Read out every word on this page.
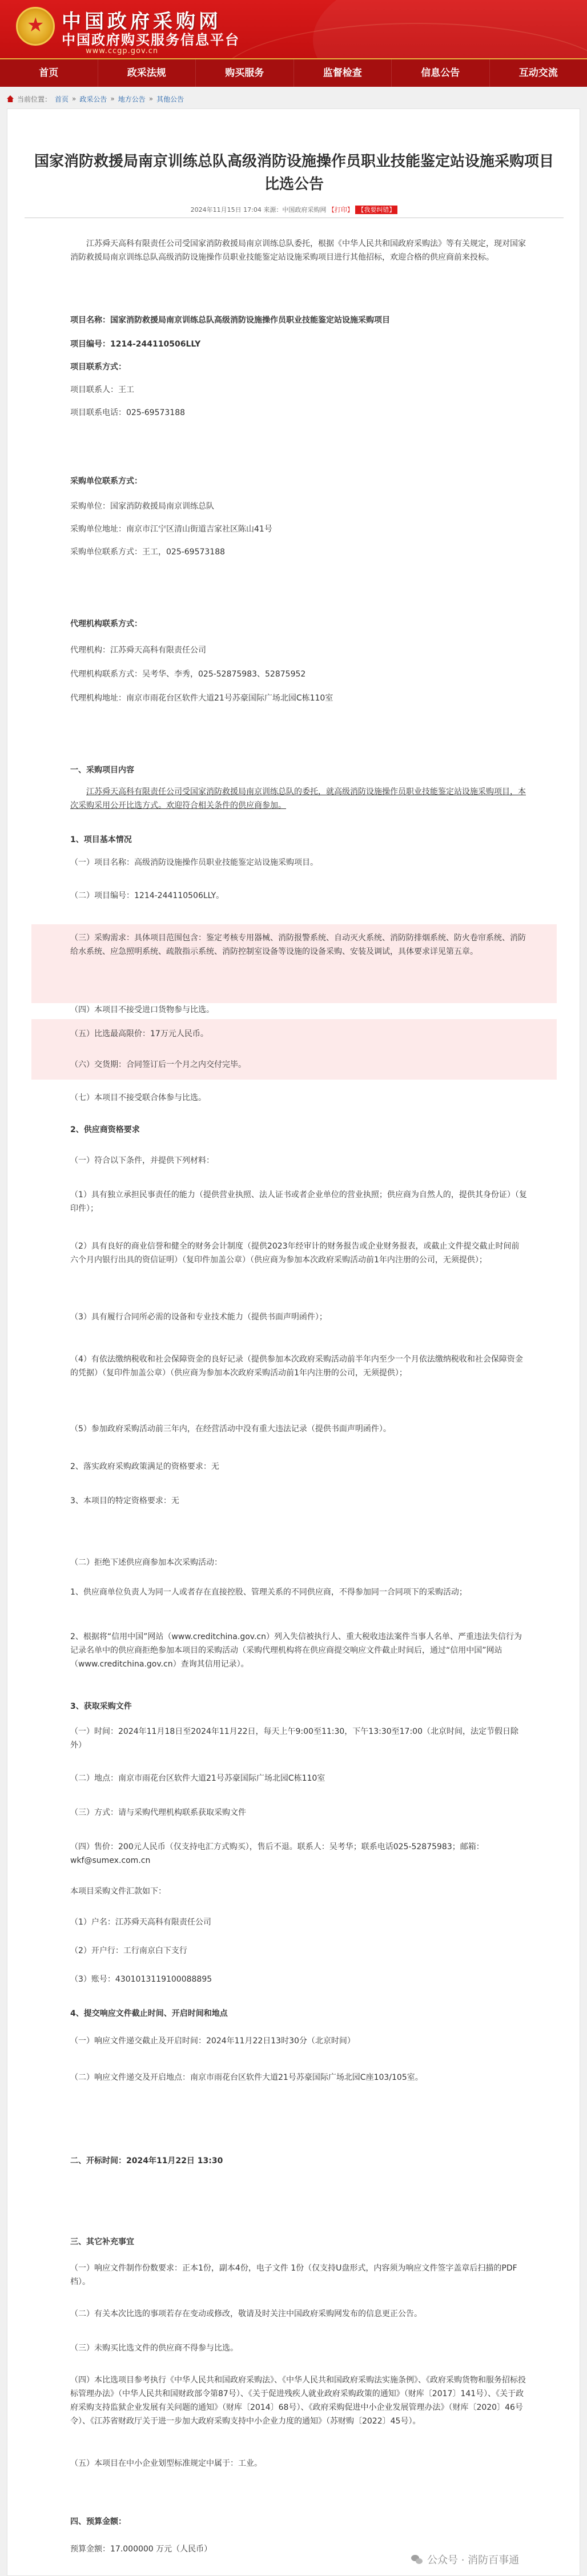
★ 中国政府采购网
中国政府购买服务信息平台
www.ccgp.gov.cn
首页	政采法规	购买服务	监督检查	信息公告	互动交流
当前位置： 首页 » 政采公告 » 地方公告 » 其他公告
国家消防救援局南京训练总队高级消防设施操作员职业技能鉴定站设施采购项目比选公告
2024年11月15日 17:04 来源：中国政府采购网 【打印】 【我要纠错】
江苏舜天高科有限责任公司受国家消防救援局南京训练总队委托，根据《中华人民共和国政府采购法》等有关规定，现对国家消防救援局南京训练总队高级消防设施操作员职业技能鉴定站设施采购项目进行其他招标，欢迎合格的供应商前来投标。
项目名称：国家消防救援局南京训练总队高级消防设施操作员职业技能鉴定站设施采购项目
项目编号：1214-244110506LLY
项目联系方式：
项目联系人：王工
项目联系电话：025-69573188
采购单位联系方式：
采购单位：国家消防救援局南京训练总队
采购单位地址：南京市江宁区清山街道吉家社区陈山41号
采购单位联系方式：王工，025-69573188
代理机构联系方式：
代理机构：江苏舜天高科有限责任公司
代理机构联系方式：吴考华、李秀，025-52875983、52875952
代理机构地址：南京市雨花台区软件大道21号苏豪国际广场北园C栋110室
一、采购项目内容
江苏舜天高科有限责任公司受国家消防救援局南京训练总队的委托，就高级消防设施操作员职业技能鉴定站设施采购项目，本次采购采用公开比选方式。欢迎符合相关条件的供应商参加。
1、项目基本情况
（一）项目名称：高级消防设施操作员职业技能鉴定站设施采购项目。
（二）项目编号：1214-244110506LLY。
（三）采购需求：具体项目范围包含：鉴定考核专用器械、消防报警系统、自动灭火系统、消防防排烟系统、防火卷帘系统、消防给水系统、应急照明系统、疏散指示系统、消防控制室设备等设施的设备采购、安装及调试，具体要求详见第五章。
（四）本项目不接受进口货物参与比选。
（五）比选最高限价：17万元人民币。
（六）交货期：合同签订后一个月之内交付完毕。
（七）本项目不接受联合体参与比选。
2、供应商资格要求
（一）符合以下条件，并提供下列材料：
（1）具有独立承担民事责任的能力（提供营业执照、法人证书或者企业单位的营业执照；供应商为自然人的，提供其身份证）（复印件）；
（2）具有良好的商业信誉和健全的财务会计制度（提供2023年经审计的财务报告或企业财务报表，或截止文件提交截止时间前六个月内银行出具的资信证明）（复印件加盖公章）（供应商为参加本次政府采购活动前1年内注册的公司，无须提供）；
（3）具有履行合同所必需的设备和专业技术能力（提供书面声明函件）；
（4）有依法缴纳税收和社会保障资金的良好记录（提供参加本次政府采购活动前半年内至少一个月依法缴纳税收和社会保障资金的凭据）（复印件加盖公章）（供应商为参加本次政府采购活动前1年内注册的公司，无须提供）；
（5）参加政府采购活动前三年内，在经营活动中没有重大违法记录（提供书面声明函件）。
2、落实政府采购政策满足的资格要求：无
3、本项目的特定资格要求：无
（二）拒绝下述供应商参加本次采购活动：
1、供应商单位负责人为同一人或者存在直接控股、管理关系的不同供应商，不得参加同一合同项下的采购活动；
2、根据将“信用中国”网站（www.creditchina.gov.cn）列入失信被执行人、重大税收违法案件当事人名单、严重违法失信行为记录名单中的供应商拒绝参加本项目的采购活动（采购代理机构将在供应商提交响应文件截止时间后，通过“信用中国”网站（www.creditchina.gov.cn）查询其信用记录）。
3、获取采购文件
（一）时间：2024年11月18日至2024年11月22日，每天上午9:00至11:30，下午13:30至17:00（北京时间，法定节假日除外）
（二）地点：南京市雨花台区软件大道21号苏豪国际广场北园C栋110室
（三）方式：请与采购代理机构联系获取采购文件
（四）售价：200元人民币（仅支持电汇方式购买），售后不退。联系人：吴考华；联系电话025-52875983；邮箱：wkf@sumex.com.cn
本项目采购文件汇款如下：
（1）户名：江苏舜天高科有限责任公司
（2）开户行：工行南京白下支行
（3）账号：4301013119100088895
4、提交响应文件截止时间、开启时间和地点
（一）响应文件递交截止及开启时间：2024年11月22日13时30分（北京时间）
（二）响应文件递交及开启地点：南京市雨花台区软件大道21号苏豪国际广场北园C座103/105室。
二、开标时间：2024年11月22日 13:30
三、其它补充事宜
（一）响应文件制作份数要求：正本1份，副本4份，电子文件 1份（仅支持U盘形式，内容须为响应文件签字盖章后扫描的PDF档）。
（二）有关本次比选的事项若存在变动或修改，敬请及时关注中国政府采购网发布的信息更正公告。
（三）未购买比选文件的供应商不得参与比选。
（四）本比选项目参考执行《中华人民共和国政府采购法》、《中华人民共和国政府采购法实施条例》、《政府采购货物和服务招标投标管理办法》（中华人民共和国财政部令第87号）、《关于促进残疾人就业政府采购政策的通知》（财库〔2017〕141号）、《关于政府采购支持监狱企业发展有关问题的通知》（财库〔2014〕68号）、《政府采购促进中小企业发展管理办法》（财库〔2020〕46号令）、《江苏省财政厅关于进一步加大政府采购支持中小企业力度的通知》（苏财购〔2022〕45号）。
（五）本项目在中小企业划型标准规定中属于：工业。
四、预算金额：
预算金额：17.000000 万元（人民币）
公众号 · 消防百事通
